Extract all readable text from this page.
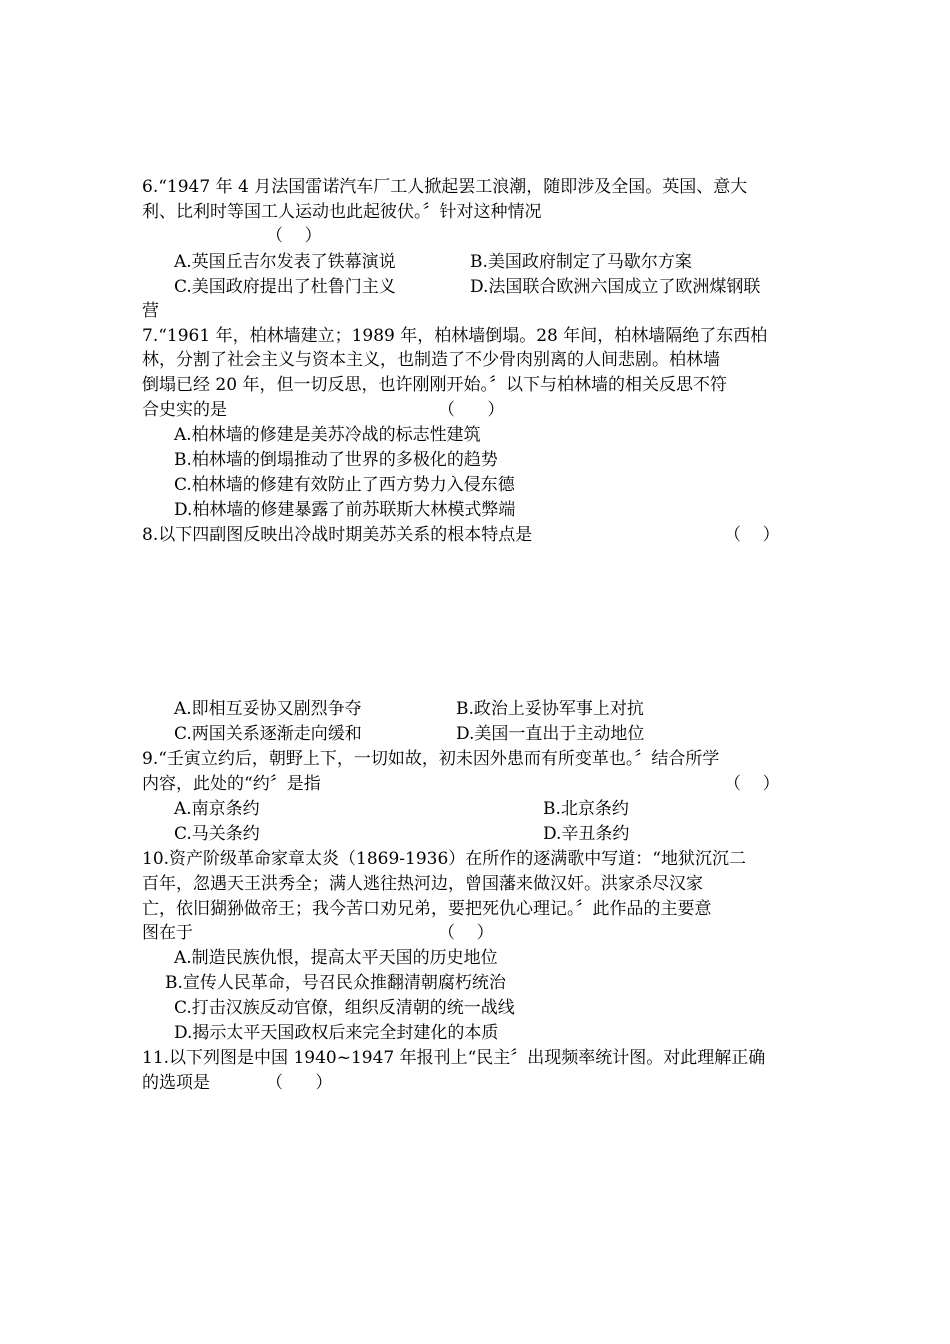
6.“1947 年 4 月法国雷诺汽车厂工人掀起罢工浪潮，随即涉及全国。英国、意大
利、比利时等国工人运动也此起彼伏。〞针对这种情况
（    ）
A.英国丘吉尔发表了铁幕演说	B.美国政府制定了马歇尔方案
C.美国政府提出了杜鲁门主义	D.法国联合欧洲六国成立了欧洲煤钢联
营
7.“1961 年，柏林墙建立；1989 年，柏林墙倒塌。28 年间，柏林墙隔绝了东西柏
林，分割了社会主义与资本主义，也制造了不少骨肉别离的人间悲剧。柏林墙
倒塌已经 20 年，但一切反思，也许刚刚开始。〞以下与柏林墙的相关反思不符
合史实的是	（      ）
A.柏林墙的修建是美苏冷战的标志性建筑
B.柏林墙的倒塌推动了世界的多极化的趋势
C.柏林墙的修建有效防止了西方势力入侵东德
D.柏林墙的修建暴露了前苏联斯大林模式弊端
8.以下四副图反映出冷战时期美苏关系的根本特点是	（    ）
A.即相互妥协又剧烈争夺	B.政治上妥协军事上对抗
C.两国关系逐渐走向缓和	D.美国一直出于主动地位
9.“壬寅立约后，朝野上下，一切如故，初未因外患而有所变革也。〞结合所学
内容，此处的“约〞是指	（    ）
A.南京条约	B.北京条约
C.马关条约	D.辛丑条约
10.资产阶级革命家章太炎（1869-1936）在所作的逐满歌中写道：“地狱沉沉二
百年，忽遇天王洪秀全；满人逃往热河边，曾国藩来做汉奸。洪家杀尽汉家
亡，依旧猢狲做帝王；我今苦口劝兄弟，要把死仇心理记。〞此作品的主要意
图在于	（    ）
A.制造民族仇恨，提高太平天国的历史地位
B.宣传人民革命，号召民众推翻清朝腐朽统治
C.打击汉族反动官僚，组织反清朝的统一战线
D.揭示太平天国政权后来完全封建化的本质
11.以下列图是中国 1940~1947 年报刊上“民主〞出现频率统计图。对此理解正确
的选项是	（      ）
